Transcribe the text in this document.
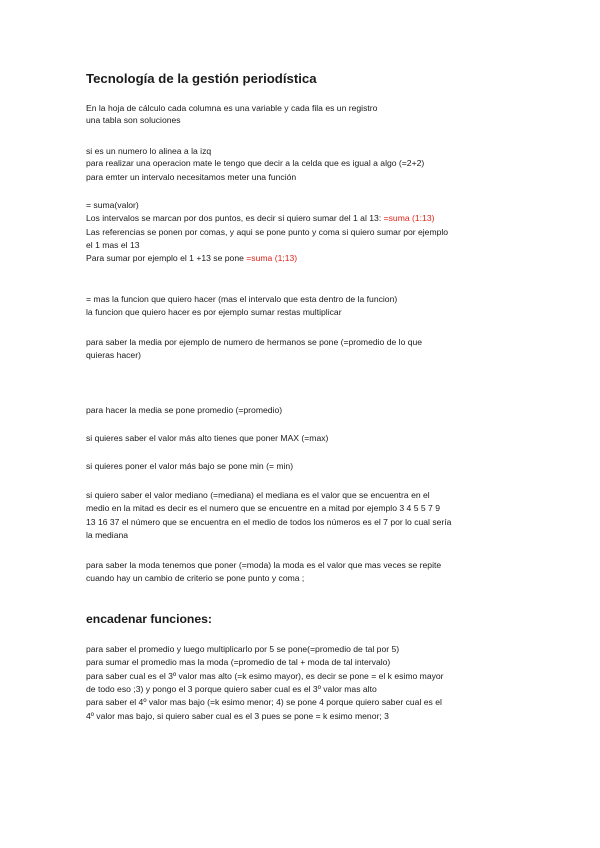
Tecnología de la gestión periodística

En la hoja de cálculo cada columna es una variable y cada fila es un registro

una tabla son soluciones

si es un numero lo alinea a la izq

para realizar una operacion mate le tengo que decir a la celda que es igual a algo (=2+2)

para emter un intervalo necesitamos meter una función

= suma(valor)

Los intervalos se marcan por dos puntos, es decir si quiero sumar del 1 al 13: =suma (1:13)

Las referencias se ponen por comas, y aqui se pone punto y coma si quiero sumar por ejemplo

el 1 mas el 13

Para sumar por ejemplo el 1 +13 se pone =suma (1;13)

= mas la funcion que quiero hacer (mas el intervalo que esta dentro de la funcion)

la funcion que quiero hacer es por ejemplo sumar restas multiplicar

para saber la media por ejemplo de numero de hermanos se pone (=promedio de lo que

quieras hacer)

para hacer la media se pone promedio (=promedio)

si quieres saber el valor más alto tienes que poner MAX (=max)

si quieres poner el valor más bajo se pone min (= min)

si quiero saber el valor mediano (=mediana) el mediana es el valor que se encuentra en el

medio en la mitad es decir es el numero que se encuentre en a mitad por ejemplo 3 4 5 5 7 9

13 16 37 el número que se encuentra en el medio de todos los números es el 7 por lo cual sería

la mediana

para saber la moda tenemos que poner (=moda) la moda es el valor que mas veces se repite

cuando hay un cambio de criterio se pone punto y coma ;

encadenar funciones:

para saber el promedio y luego multiplicarlo por 5 se pone(=promedio de tal por 5)

para sumar el promedio mas la moda (=promedio de tal + moda de tal intervalo)

para saber cual es el 3º valor mas alto (=k esimo mayor), es decir se pone = el k esimo mayor

de todo eso ;3) y pongo el 3 porque quiero saber cual es el 3º valor mas alto

para saber el 4º valor mas bajo (=k esimo menor; 4) se pone 4 porque quiero saber cual es el

4º valor mas bajo, si quiero saber cual es el 3 pues se pone = k esimo menor; 3
